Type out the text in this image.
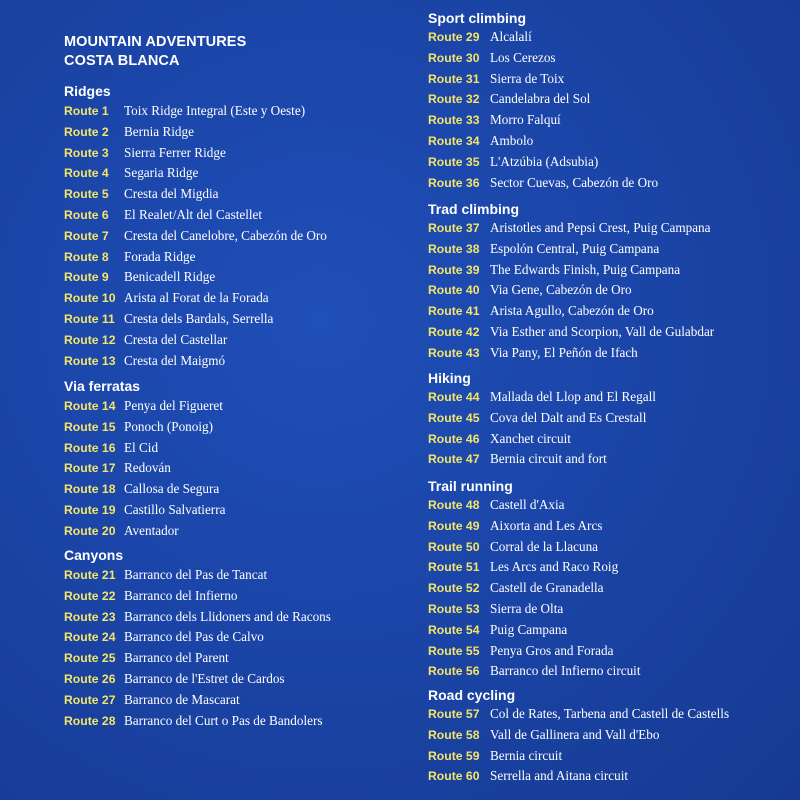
MOUNTAIN ADVENTURES
COSTA BLANCA
Ridges
Route 1 Toix Ridge Integral (Este y Oeste)
Route 2 Bernia Ridge
Route 3 Sierra Ferrer Ridge
Route 4 Segaria Ridge
Route 5 Cresta del Migdia
Route 6 El Realet/Alt del Castellet
Route 7 Cresta del Canelobre, Cabezón de Oro
Route 8 Forada Ridge
Route 9 Benicadell Ridge
Route 10 Arista al Forat de la Forada
Route 11 Cresta dels Bardals, Serrella
Route 12 Cresta del Castellar
Route 13 Cresta del Maigmó
Via ferratas
Route 14 Penya del Figueret
Route 15 Ponoch (Ponoig)
Route 16 El Cid
Route 17 Redován
Route 18 Callosa de Segura
Route 19 Castillo Salvatierra
Route 20 Aventador
Canyons
Route 21 Barranco del Pas de Tancat
Route 22 Barranco del Infierno
Route 23 Barranco dels Llidoners and de Racons
Route 24 Barranco del Pas de Calvo
Route 25 Barranco del Parent
Route 26 Barranco de l'Estret de Cardos
Route 27 Barranco de Mascarat
Route 28 Barranco del Curt o Pas de Bandolers
Sport climbing
Route 29 Alcalalí
Route 30 Los Cerezos
Route 31 Sierra de Toix
Route 32 Candelabra del Sol
Route 33 Morro Falquí
Route 34 Ambolo
Route 35 L'Atzúbia (Adsubia)
Route 36 Sector Cuevas, Cabezón de Oro
Trad climbing
Route 37 Aristotles and Pepsi Crest, Puig Campana
Route 38 Espolón Central, Puig Campana
Route 39 The Edwards Finish, Puig Campana
Route 40 Via Gene, Cabezón de Oro
Route 41 Arista Agullo, Cabezón de Oro
Route 42 Via Esther and Scorpion, Vall de Gulabdar
Route 43 Via Pany, El Peñón de Ifach
Hiking
Route 44 Mallada del Llop and El Regall
Route 45 Cova del Dalt and Es Crestall
Route 46 Xanchet circuit
Route 47 Bernia circuit and fort
Trail running
Route 48 Castell d'Axia
Route 49 Aixorta and Les Arcs
Route 50 Corral de la Llacuna
Route 51 Les Arcs and Raco Roig
Route 52 Castell de Granadella
Route 53 Sierra de Olta
Route 54 Puig Campana
Route 55 Penya Gros and Forada
Route 56 Barranco del Infierno circuit
Road cycling
Route 57 Col de Rates, Tarbena and Castell de Castells
Route 58 Vall de Gallinera and Vall d'Ebo
Route 59 Bernia circuit
Route 60 Serrella and Aitana circuit
